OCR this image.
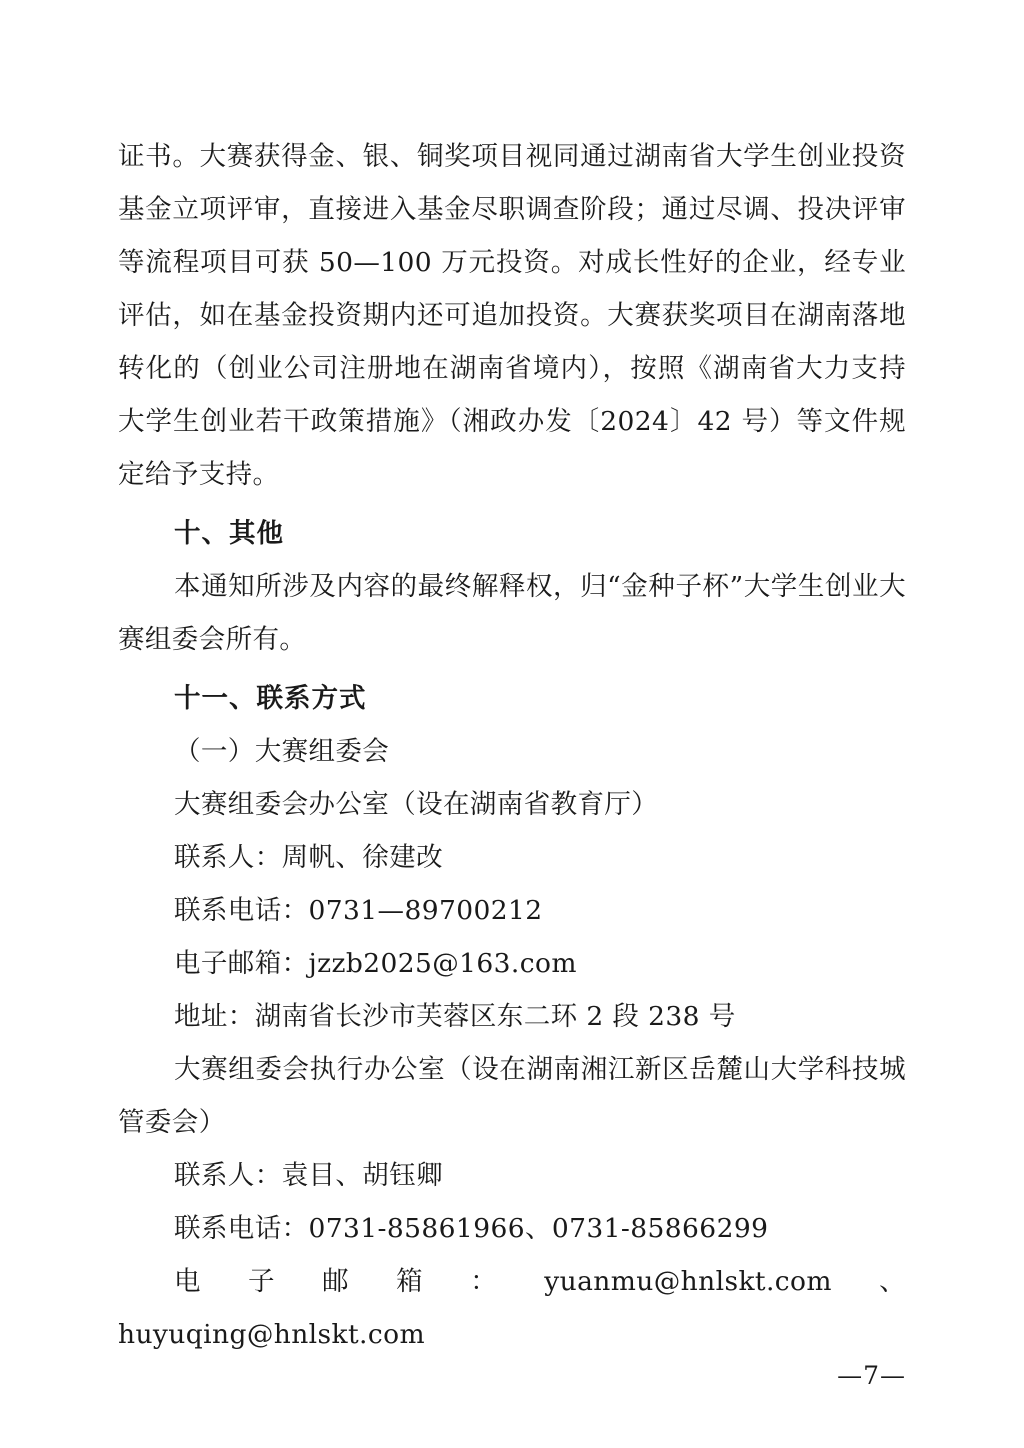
证书。大赛获得金、银、铜奖项目视同通过湖南省大学生创业投资基金立项评审，直接进入基金尽职调查阶段；通过尽调、投决评审等流程项目可获 50—100 万元投资。对成长性好的企业，经专业评估，如在基金投资期内还可追加投资。大赛获奖项目在湖南落地转化的（创业公司注册地在湖南省境内），按照《湖南省大力支持大学生创业若干政策措施》（湘政办发〔2024〕42 号）等文件规定给予支持。

十、其他

本通知所涉及内容的最终解释权，归“金种子杯”大学生创业大赛组委会所有。

十一、联系方式

（一）大赛组委会

大赛组委会办公室（设在湖南省教育厅）

联系人：周帆、徐建改

联系电话：0731—89700212

电子邮箱：jzzb2025@163.com

地址：湖南省长沙市芙蓉区东二环 2 段 238 号

大赛组委会执行办公室（设在湖南湘江新区岳麓山大学科技城管委会）

联系人：袁目、胡钰卿

联系电话：0731-85861966、0731-85866299

电子邮箱：yuanmu@hnlskt.com、huyuqing@hnlskt.com

—7—
